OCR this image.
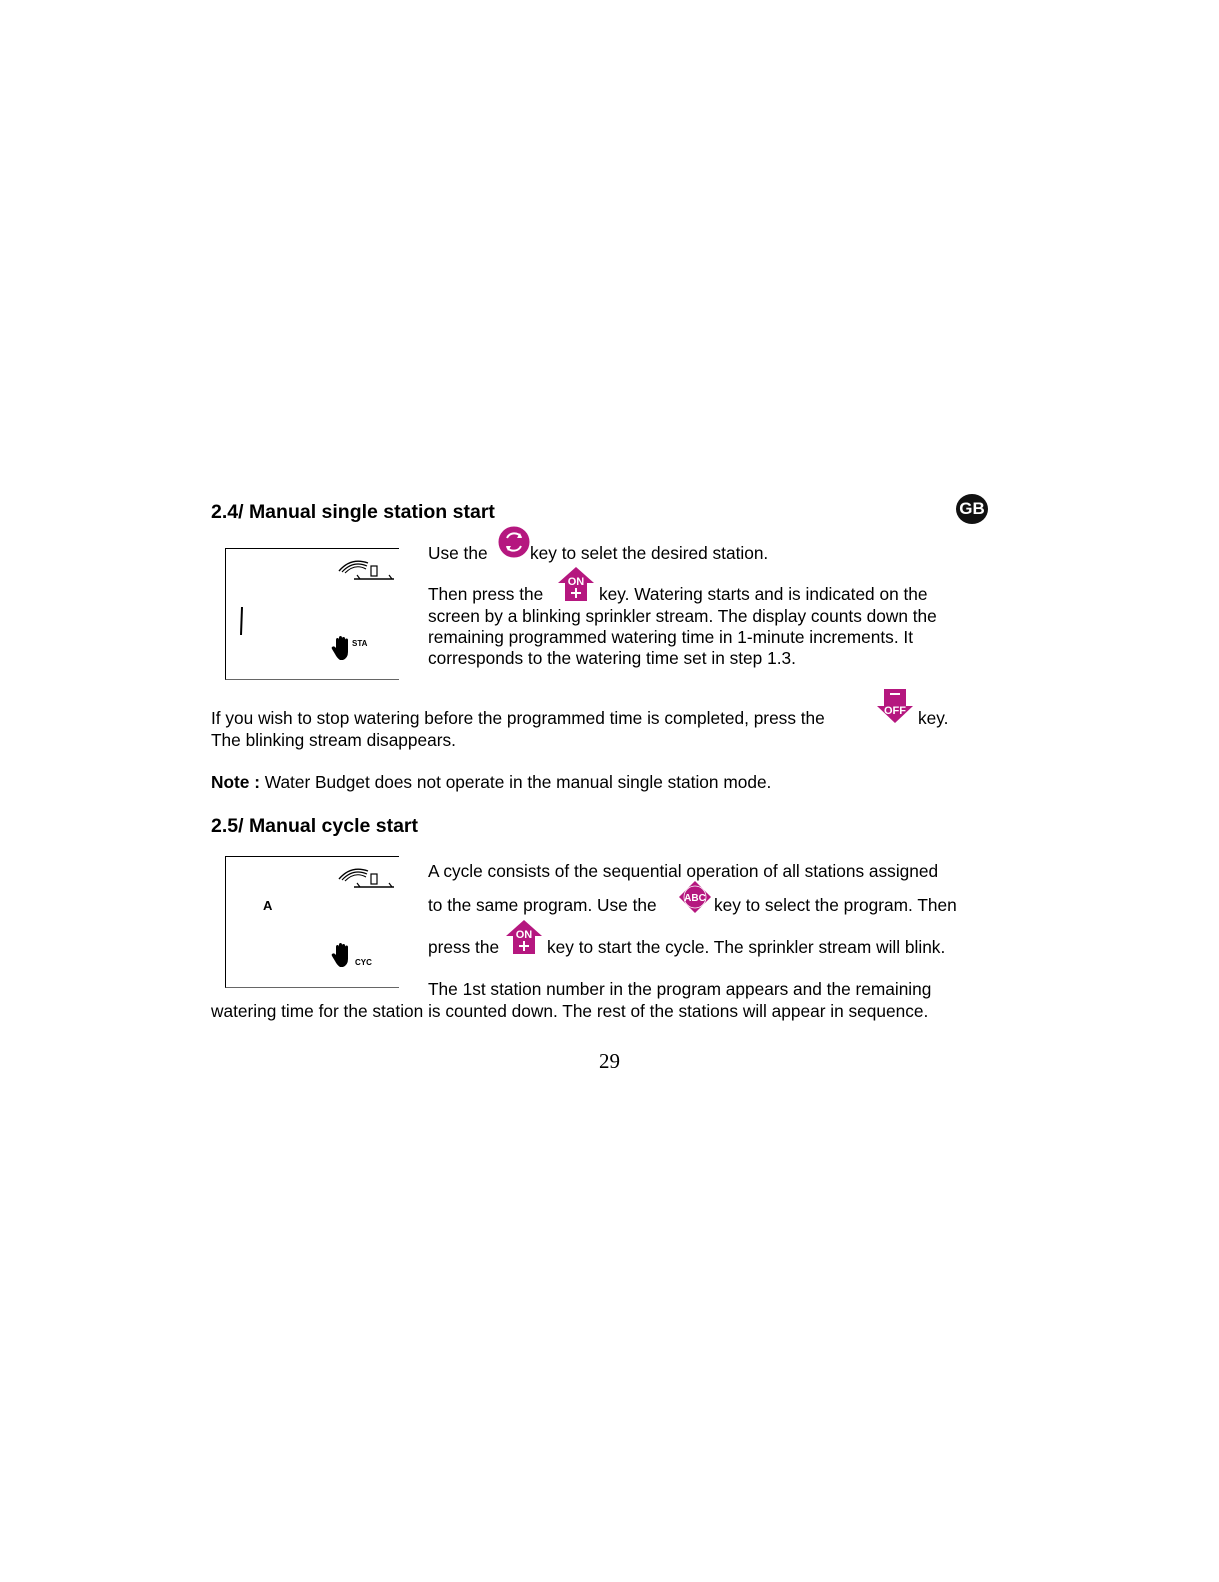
GB
2.4/ Manual single station start
STA
Use the key to selet the desired station.
Then press the
ON
key. Watering starts and is indicated on the
screen by a blinking sprinkler stream. The display counts down the
remaining programmed watering time in 1-minute increments. It
corresponds to the watering time set in step 1.3.
If you wish to stop watering before the programmed time is completed, press the	OFF key.
The blinking stream disappears.
Note : Water Budget does not operate in the manual single station mode.
2.5/ Manual cycle start
A
CYC
A cycle consists of the sequential operation of all stations assigned
to the same program. Use the	ABC key to select the program. Then
press the
ON
key to start the cycle. The sprinkler stream will blink.
The 1st station number in the program appears and the remaining
watering time for the station is counted down. The rest of the stations will appear in sequence.
29
